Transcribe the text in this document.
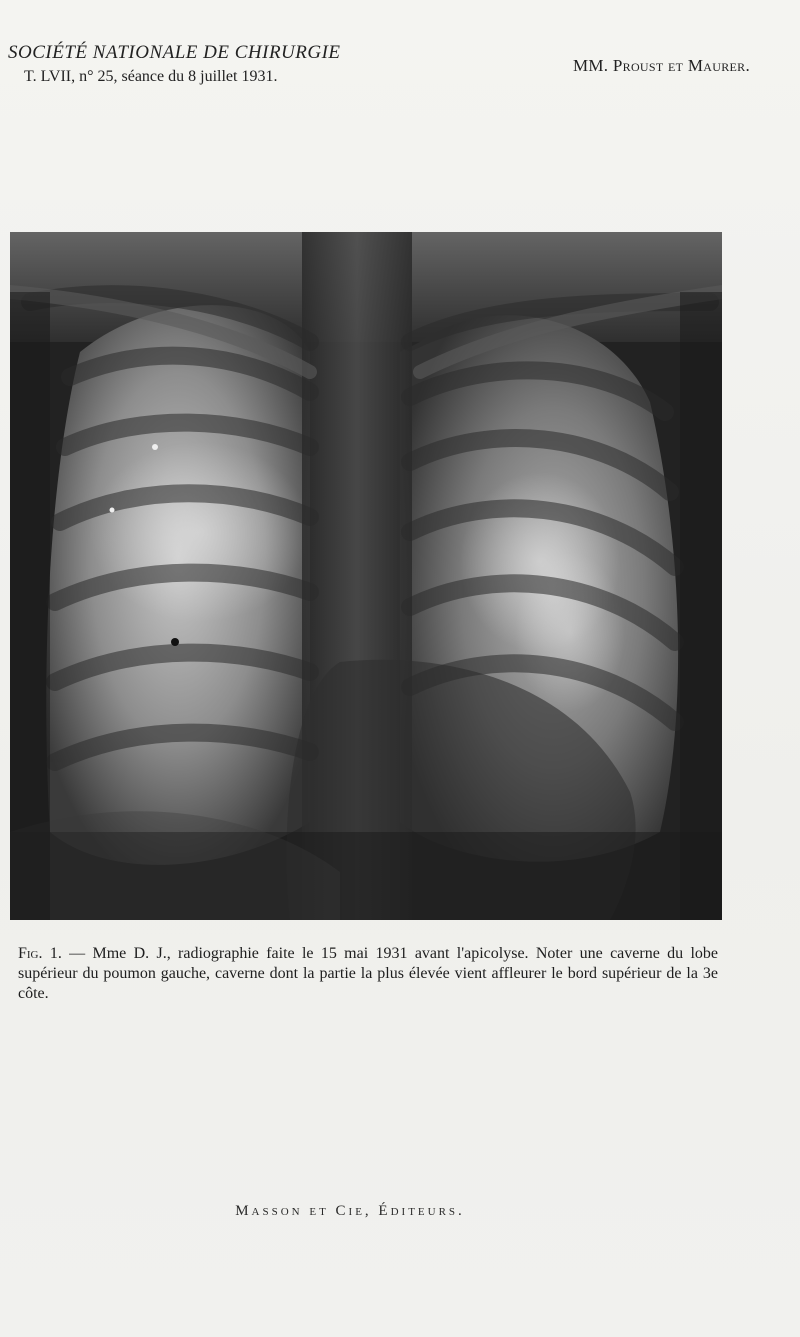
SOCIÉTÉ NATIONALE DE CHIRURGIE
T. LVII, n° 25, séance du 8 juillet 1931.
MM. Proust et Maurer.
Fig. 1. — Mme D. J., radiographie faite le 15 mai 1931 avant l'apicolyse. Noter une caverne du lobe supérieur du poumon gauche, caverne dont la partie la plus élevée vient affleurer le bord supérieur de la 3e côte.
Masson et Cie, Éditeurs.
